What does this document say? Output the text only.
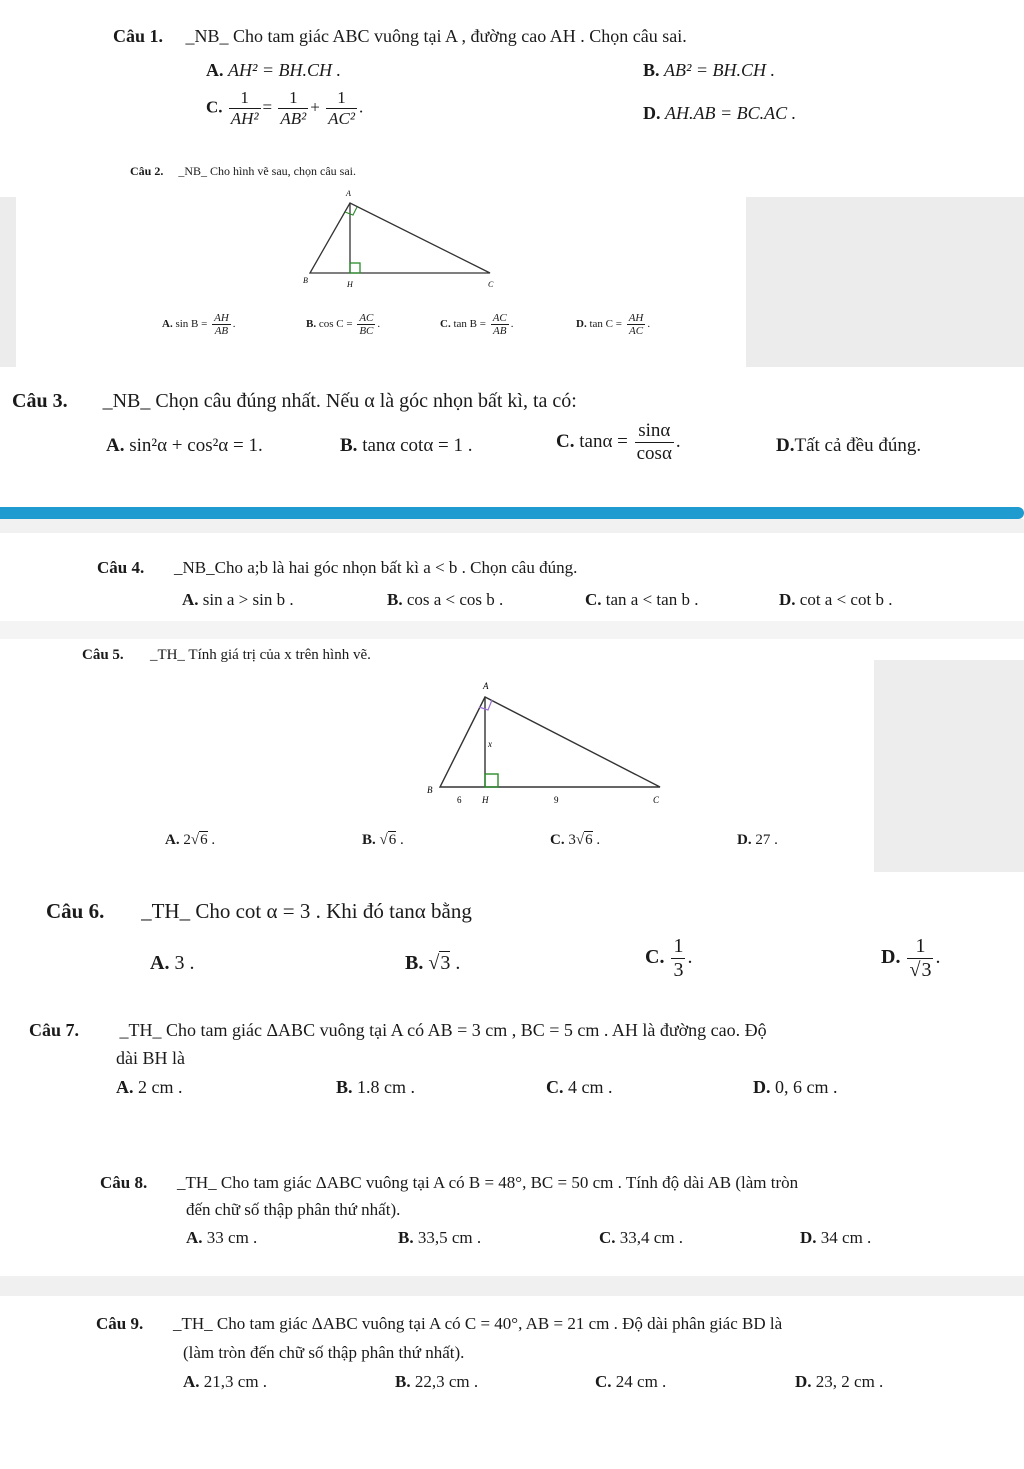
Câu 1. _NB_ Cho tam giác ABC vuông tại A , đường cao AH . Chọn câu sai.
A. AH² = BH.CH .	B. AB² = BH.CH .
C. $\frac{1}{\text{AH²}} = \frac{1}{\text{AB²}} + \frac{1}{\text{AC²}}$ .	D. AH.AB = BC.AC .
Câu 2. _NB_ Cho hình vẽ sau, chọn câu sai.
A
B	H	C
A. $\sin B = \frac{AH}{AB}$ .	B. $\cos C = \frac{AC}{BC}$ .	C. $\tan B = \frac{AC}{AB}$ .	D. $\tan C = \frac{AH}{AC}$ .
Câu 3. _NB_ Chọn câu đúng nhất. Nếu α là góc nhọn bất kì, ta có:
A. sin²α + cos²α = 1.	B. tanα cotα = 1 .	C. $\tan\alpha = \frac{\sin\alpha}{\cos\alpha}$ .	D.Tất cả đều đúng.
Câu 4. _NB_Cho a;b là hai góc nhọn bất kì a < b . Chọn câu đúng.
A. sin a > sin b .	B. cos a < cos b .	C. tan a < tan b .	D. cot a < cot b .
Câu 5. _TH_ Tính giá trị của x trên hình vẽ.
A
x
B
6 H	9	C
A. 2√6 .	B. √6 .	C. 3√6 .	D. 27 .
Câu 6. _TH_ Cho cot α = 3 . Khi đó tanα bằng
A. 3 .	B. √3 .	C. $\frac{1}{3}$ .	D. $\frac{1}{√3}$ .
Câu 7. _TH_ Cho tam giác ΔABC vuông tại A có AB = 3 cm , BC = 5 cm . AH là đường cao. Độ
dài BH là
A. 2 cm .	B. 1.8 cm .	C. 4 cm .	D. 0, 6 cm .
Câu 8. _TH_ Cho tam giác ΔABC vuông tại A có B = 48°, BC = 50 cm . Tính độ dài AB (làm tròn
đến chữ số thập phân thứ nhất).
A. 33 cm .	B. 33,5 cm .	C. 33,4 cm .	D. 34 cm .
Câu 9. _TH_ Cho tam giác ΔABC vuông tại A có C = 40°, AB = 21 cm . Độ dài phân giác BD là
(làm tròn đến chữ số thập phân thứ nhất).
A. 21,3 cm .	B. 22,3 cm .	C. 24 cm .	D. 23, 2 cm .
